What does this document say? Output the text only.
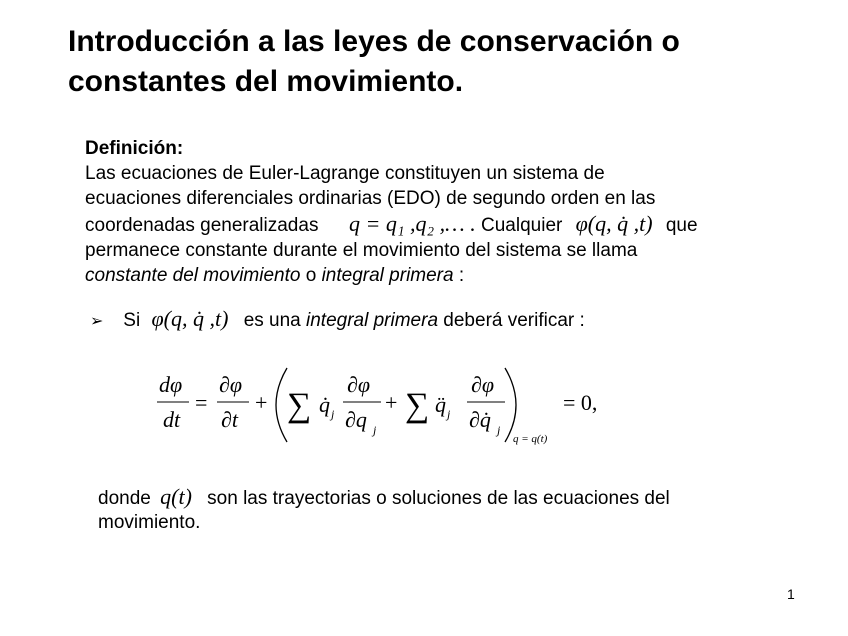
Introducción a las leyes de conservación o constantes del movimiento.
Definición:
Las ecuaciones de Euler-Lagrange constituyen un sistema de
ecuaciones diferenciales ordinarias (EDO) de segundo orden en las
coordenadas generalizadas q = q₁ ,q₂ ,… . Cualquier φ(q, q̇ ,t) que
permanece constante durante el movimiento del sistema se llama
constante del movimiento o integral primera :
➢ Si φ(q, q̇ ,t) es una integral primera deberá verificar :
dφ
dt
=
∂φ
∂t
+ ∑ q̇ j
∂φ
∂q j
+ ∑ q̈ j
∂φ
∂q̇ j
q = q(t)
= 0,
donde q(t) son las trayectorias o soluciones de las ecuaciones del
movimiento.
1
